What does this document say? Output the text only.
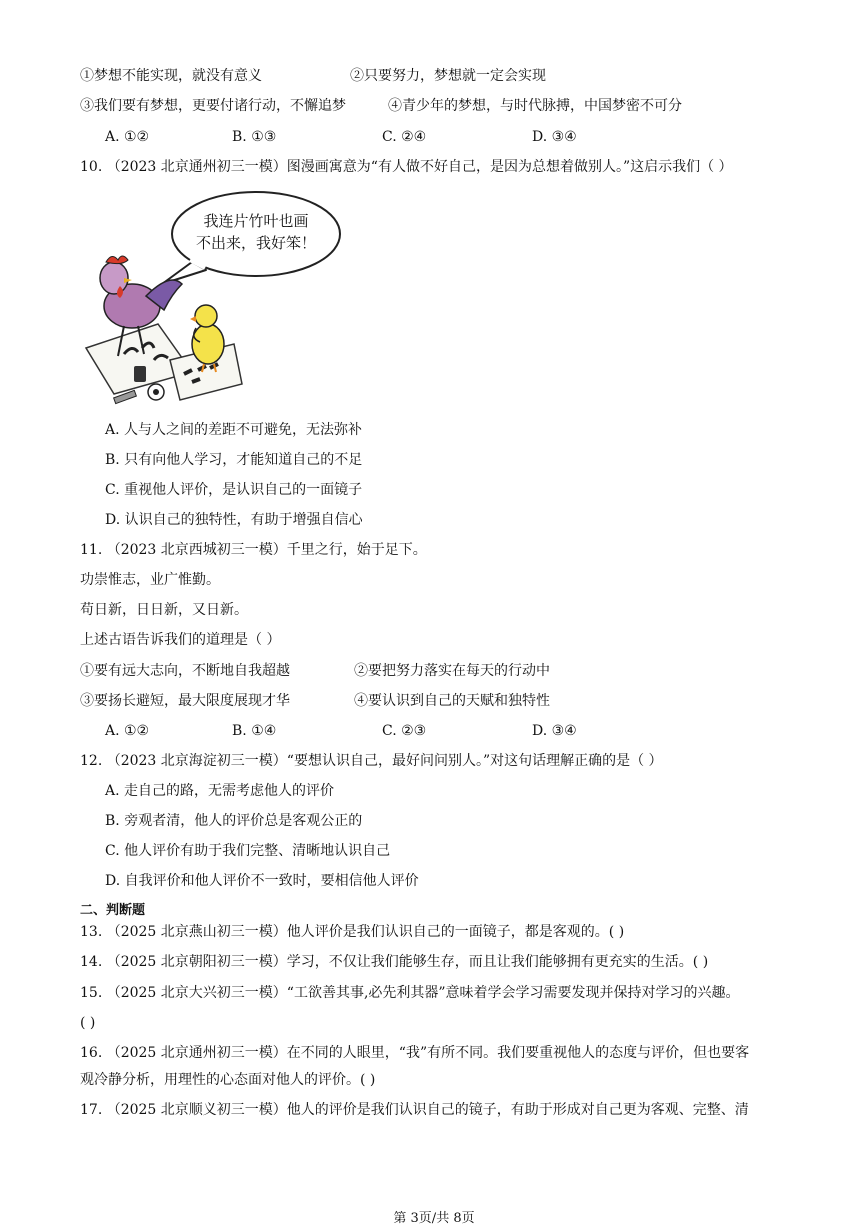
①梦想不能实现，就没有意义	②只要努力，梦想就一定会实现
③我们要有梦想，更要付诸行动，不懈追梦	④青少年的梦想，与时代脉搏，中国梦密不可分
A. ①②	B. ①③	C. ②④	D. ③④
10. （2023 北京通州初三一模）图漫画寓意为“有人做不好自己，是因为总想着做别人。”这启示我们（ ）
我连片竹叶也画
不出来，我好笨！
A. 人与人之间的差距不可避免，无法弥补
B. 只有向他人学习，才能知道自己的不足
C. 重视他人评价，是认识自己的一面镜子
D. 认识自己的独特性，有助于增强自信心
11. （2023 北京西城初三一模）千里之行，始于足下。
功崇惟志，业广惟勤。
苟日新，日日新，又日新。
上述古语告诉我们的道理是（ ）
①要有远大志向，不断地自我超越	②要把努力落实在每天的行动中
③要扬长避短，最大限度展现才华	④要认识到自己的天赋和独特性
A. ①②	B. ①④	C. ②③	D. ③④
12. （2023 北京海淀初三一模）“要想认识自己，最好问问别人。”对这句话理解正确的是（ ）
A. 走自己的路，无需考虑他人的评价
B. 旁观者清，他人的评价总是客观公正的
C. 他人评价有助于我们完整、清晰地认识自己
D. 自我评价和他人评价不一致时，要相信他人评价
二、判断题
13. （2025 北京燕山初三一模）他人评价是我们认识自己的一面镜子，都是客观的。( )
14. （2025 北京朝阳初三一模）学习，不仅让我们能够生存，而且让我们能够拥有更充实的生活。( )
15. （2025 北京大兴初三一模）“工欲善其事,必先利其器”意味着学会学习需要发现并保持对学习的兴趣。
( )
16. （2025 北京通州初三一模）在不同的人眼里，“我”有所不同。我们要重视他人的态度与评价，但也要客
观冷静分析，用理性的心态面对他人的评价。( )
17. （2025 北京顺义初三一模）他人的评价是我们认识自己的镜子，有助于形成对自己更为客观、完整、清
第 3页/共 8页
